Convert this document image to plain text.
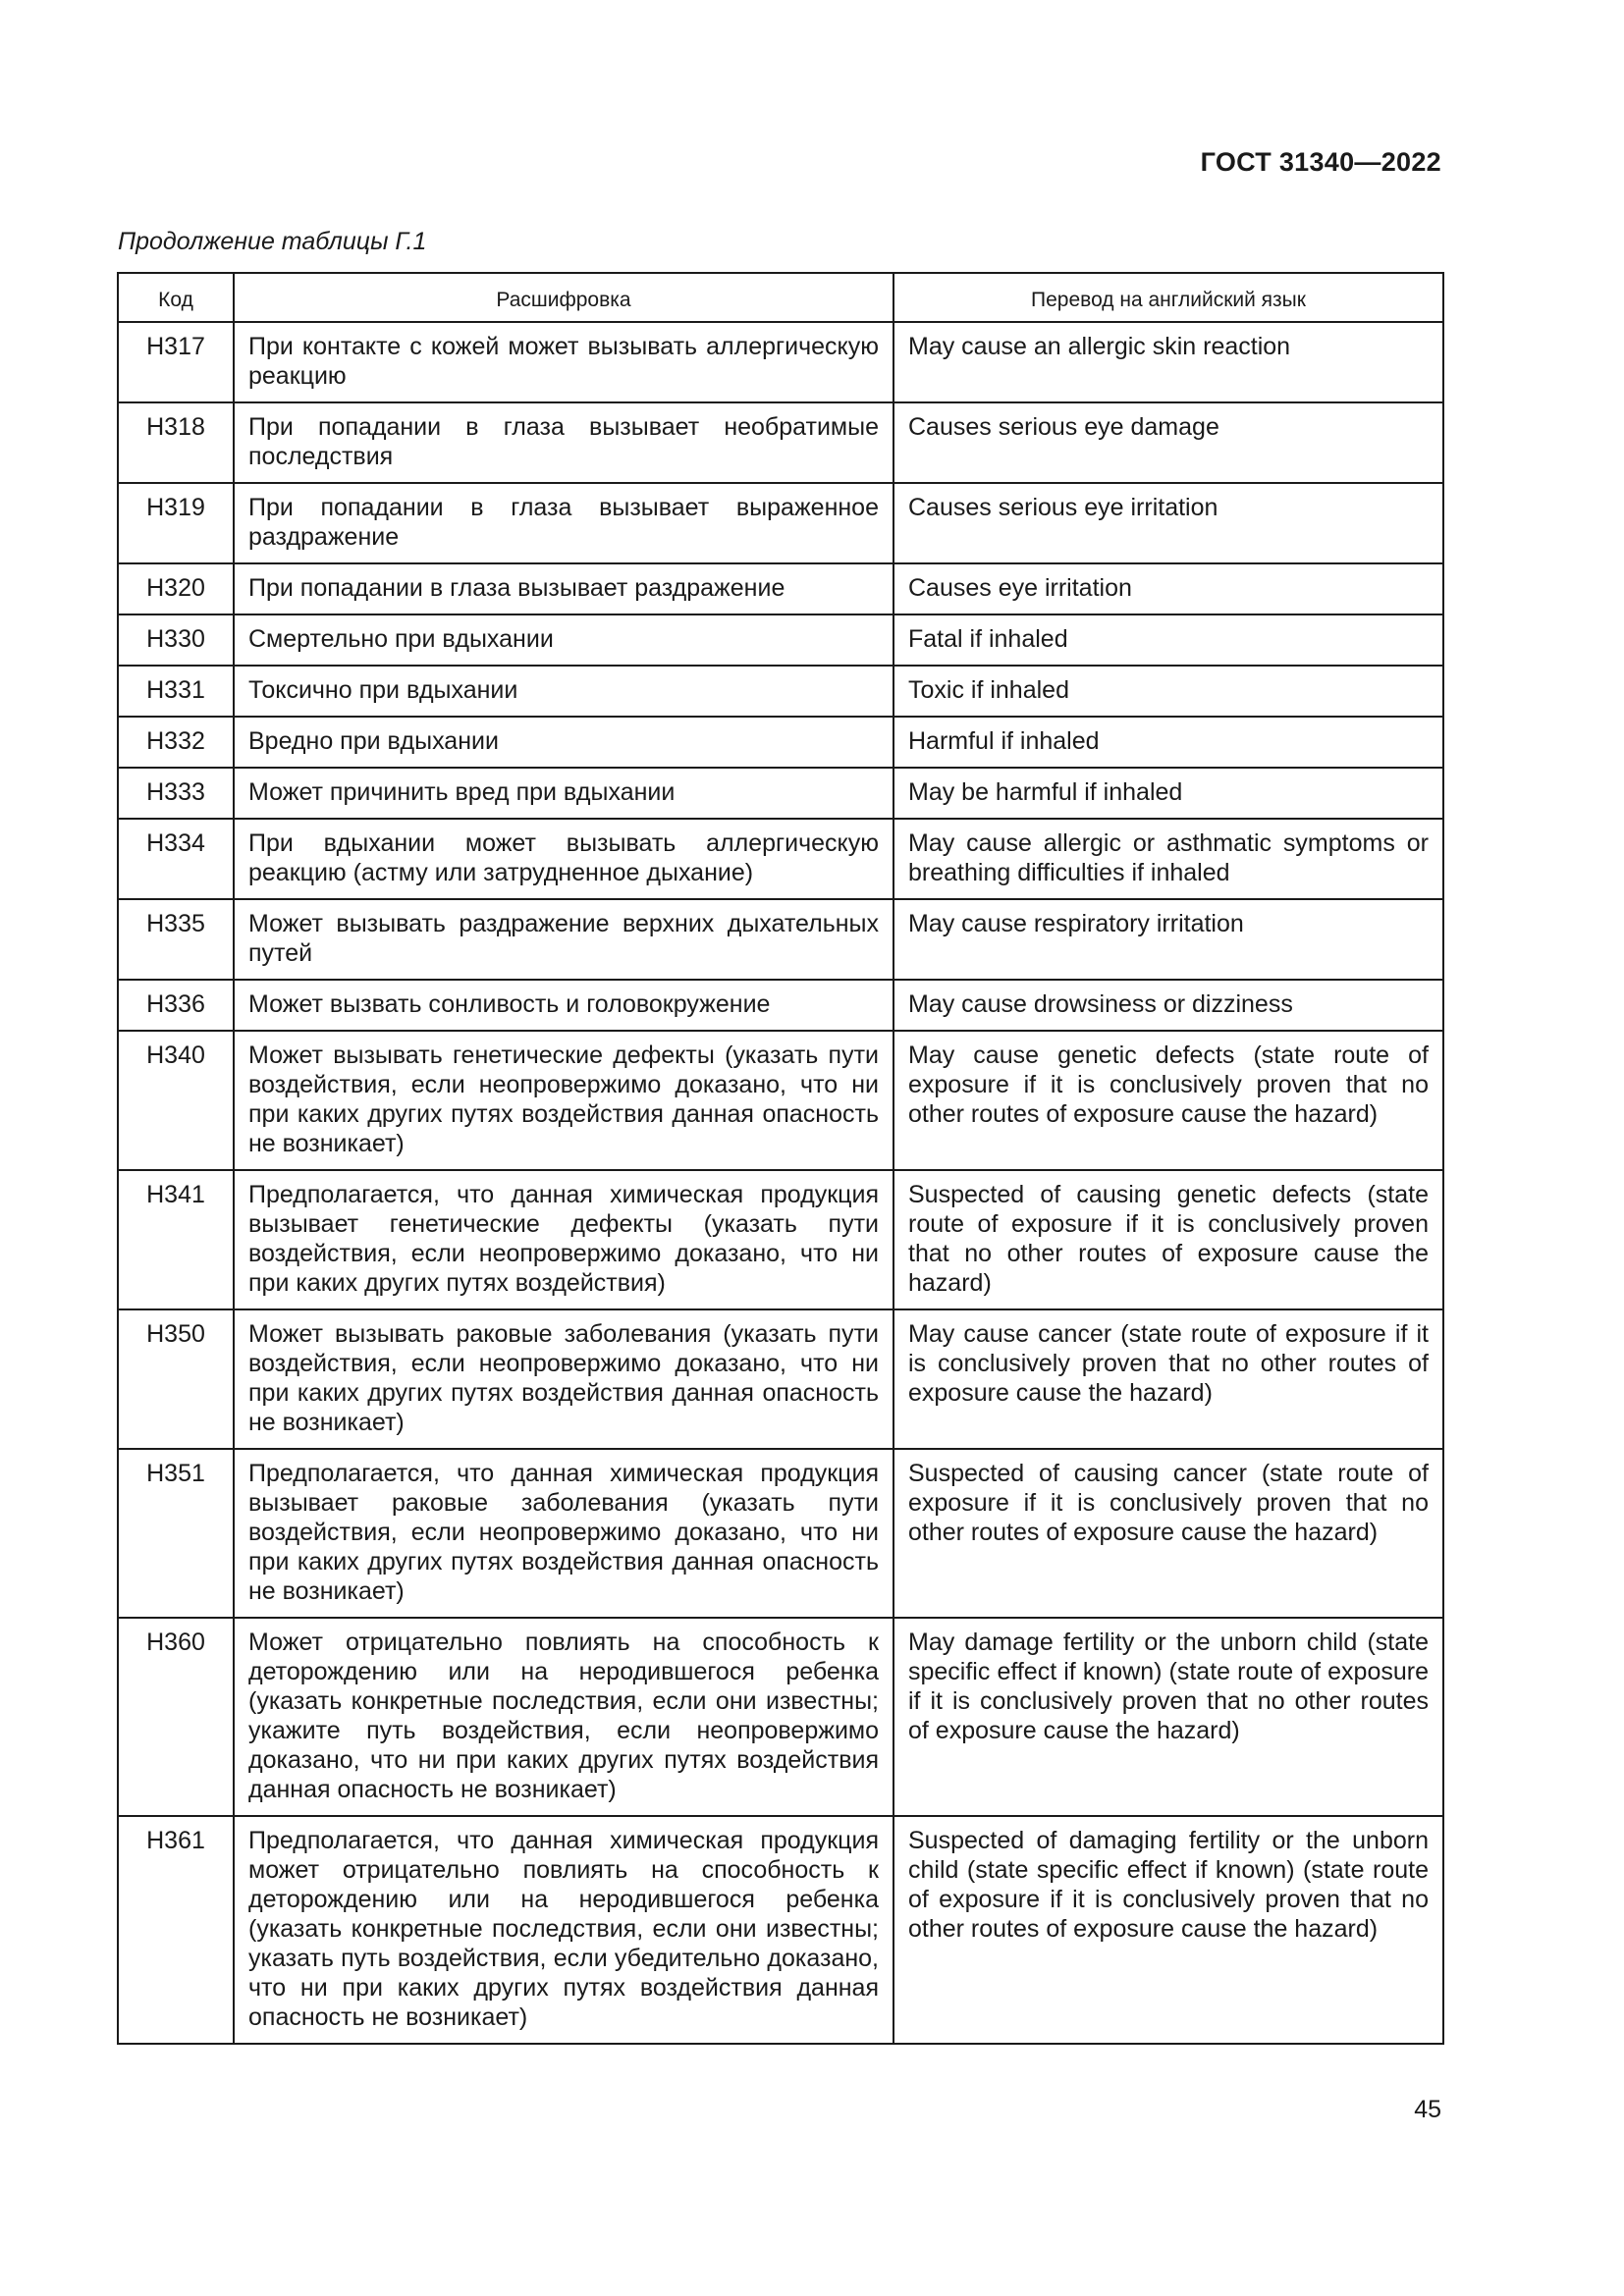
ГОСТ 31340—2022
Продолжение таблицы Г.1
Код	Расшифровка	Перевод на английский язык
H317	При контакте с кожей может вызывать аллергическую реакцию	May cause an allergic skin reaction
H318	При попадании в глаза вызывает необратимые последствия	Causes serious eye damage
H319	При попадании в глаза вызывает выраженное раздражение	Causes serious eye irritation
H320	При попадании в глаза вызывает раздражение	Causes eye irritation
H330	Смертельно при вдыхании	Fatal if inhaled
H331	Токсично при вдыхании	Toxic if inhaled
H332	Вредно при вдыхании	Harmful if inhaled
H333	Может причинить вред при вдыхании	May be harmful if inhaled
H334	При вдыхании может вызывать аллергическую реакцию (астму или затрудненное дыхание)	May cause allergic or asthmatic symptoms or breathing difficulties if inhaled
H335	Может вызывать раздражение верхних дыхательных путей	May cause respiratory irritation
H336	Может вызвать сонливость и головокружение	May cause drowsiness or dizziness
H340	Может вызывать генетические дефекты (указать пути воздействия, если неопровержимо доказано, что ни при каких других путях воздействия данная опасность не возникает)	May cause genetic defects (state route of exposure if it is conclusively proven that no other routes of exposure cause the hazard)
H341	Предполагается, что данная химическая продукция вызывает генетические дефекты (указать пути воздействия, если неопровержимо доказано, что ни при каких других путях воздействия)	Suspected of causing genetic defects (state route of exposure if it is conclusively proven that no other routes of exposure cause the hazard)
H350	Может вызывать раковые заболевания (указать пути воздействия, если неопровержимо доказано, что ни при каких других путях воздействия данная опасность не возникает)	May cause cancer (state route of exposure if it is conclusively proven that no other routes of exposure cause the hazard)
H351	Предполагается, что данная химическая продукция вызывает раковые заболевания (указать пути воздействия, если неопровержимо доказано, что ни при каких других путях воздействия данная опасность не возникает)	Suspected of causing cancer (state route of exposure if it is conclusively proven that no other routes of exposure cause the hazard)
H360	Может отрицательно повлиять на способность к деторождению или на неродившегося ребенка (указать конкретные последствия, если они известны; укажите путь воздействия, если неопровержимо доказано, что ни при каких других путях воздействия данная опасность не возникает)	May damage fertility or the unborn child (state specific effect if known) (state route of exposure if it is conclusively proven that no other routes of exposure cause the hazard)
H361	Предполагается, что данная химическая продукция может отрицательно повлиять на способность к деторождению или на неродившегося ребенка (указать конкретные последствия, если они известны; указать путь воздействия, если убедительно доказано, что ни при каких других путях воздействия данная опасность не возникает)	Suspected of damaging fertility or the unborn child (state specific effect if known) (state route of exposure if it is conclusively proven that no other routes of exposure cause the hazard)
45
